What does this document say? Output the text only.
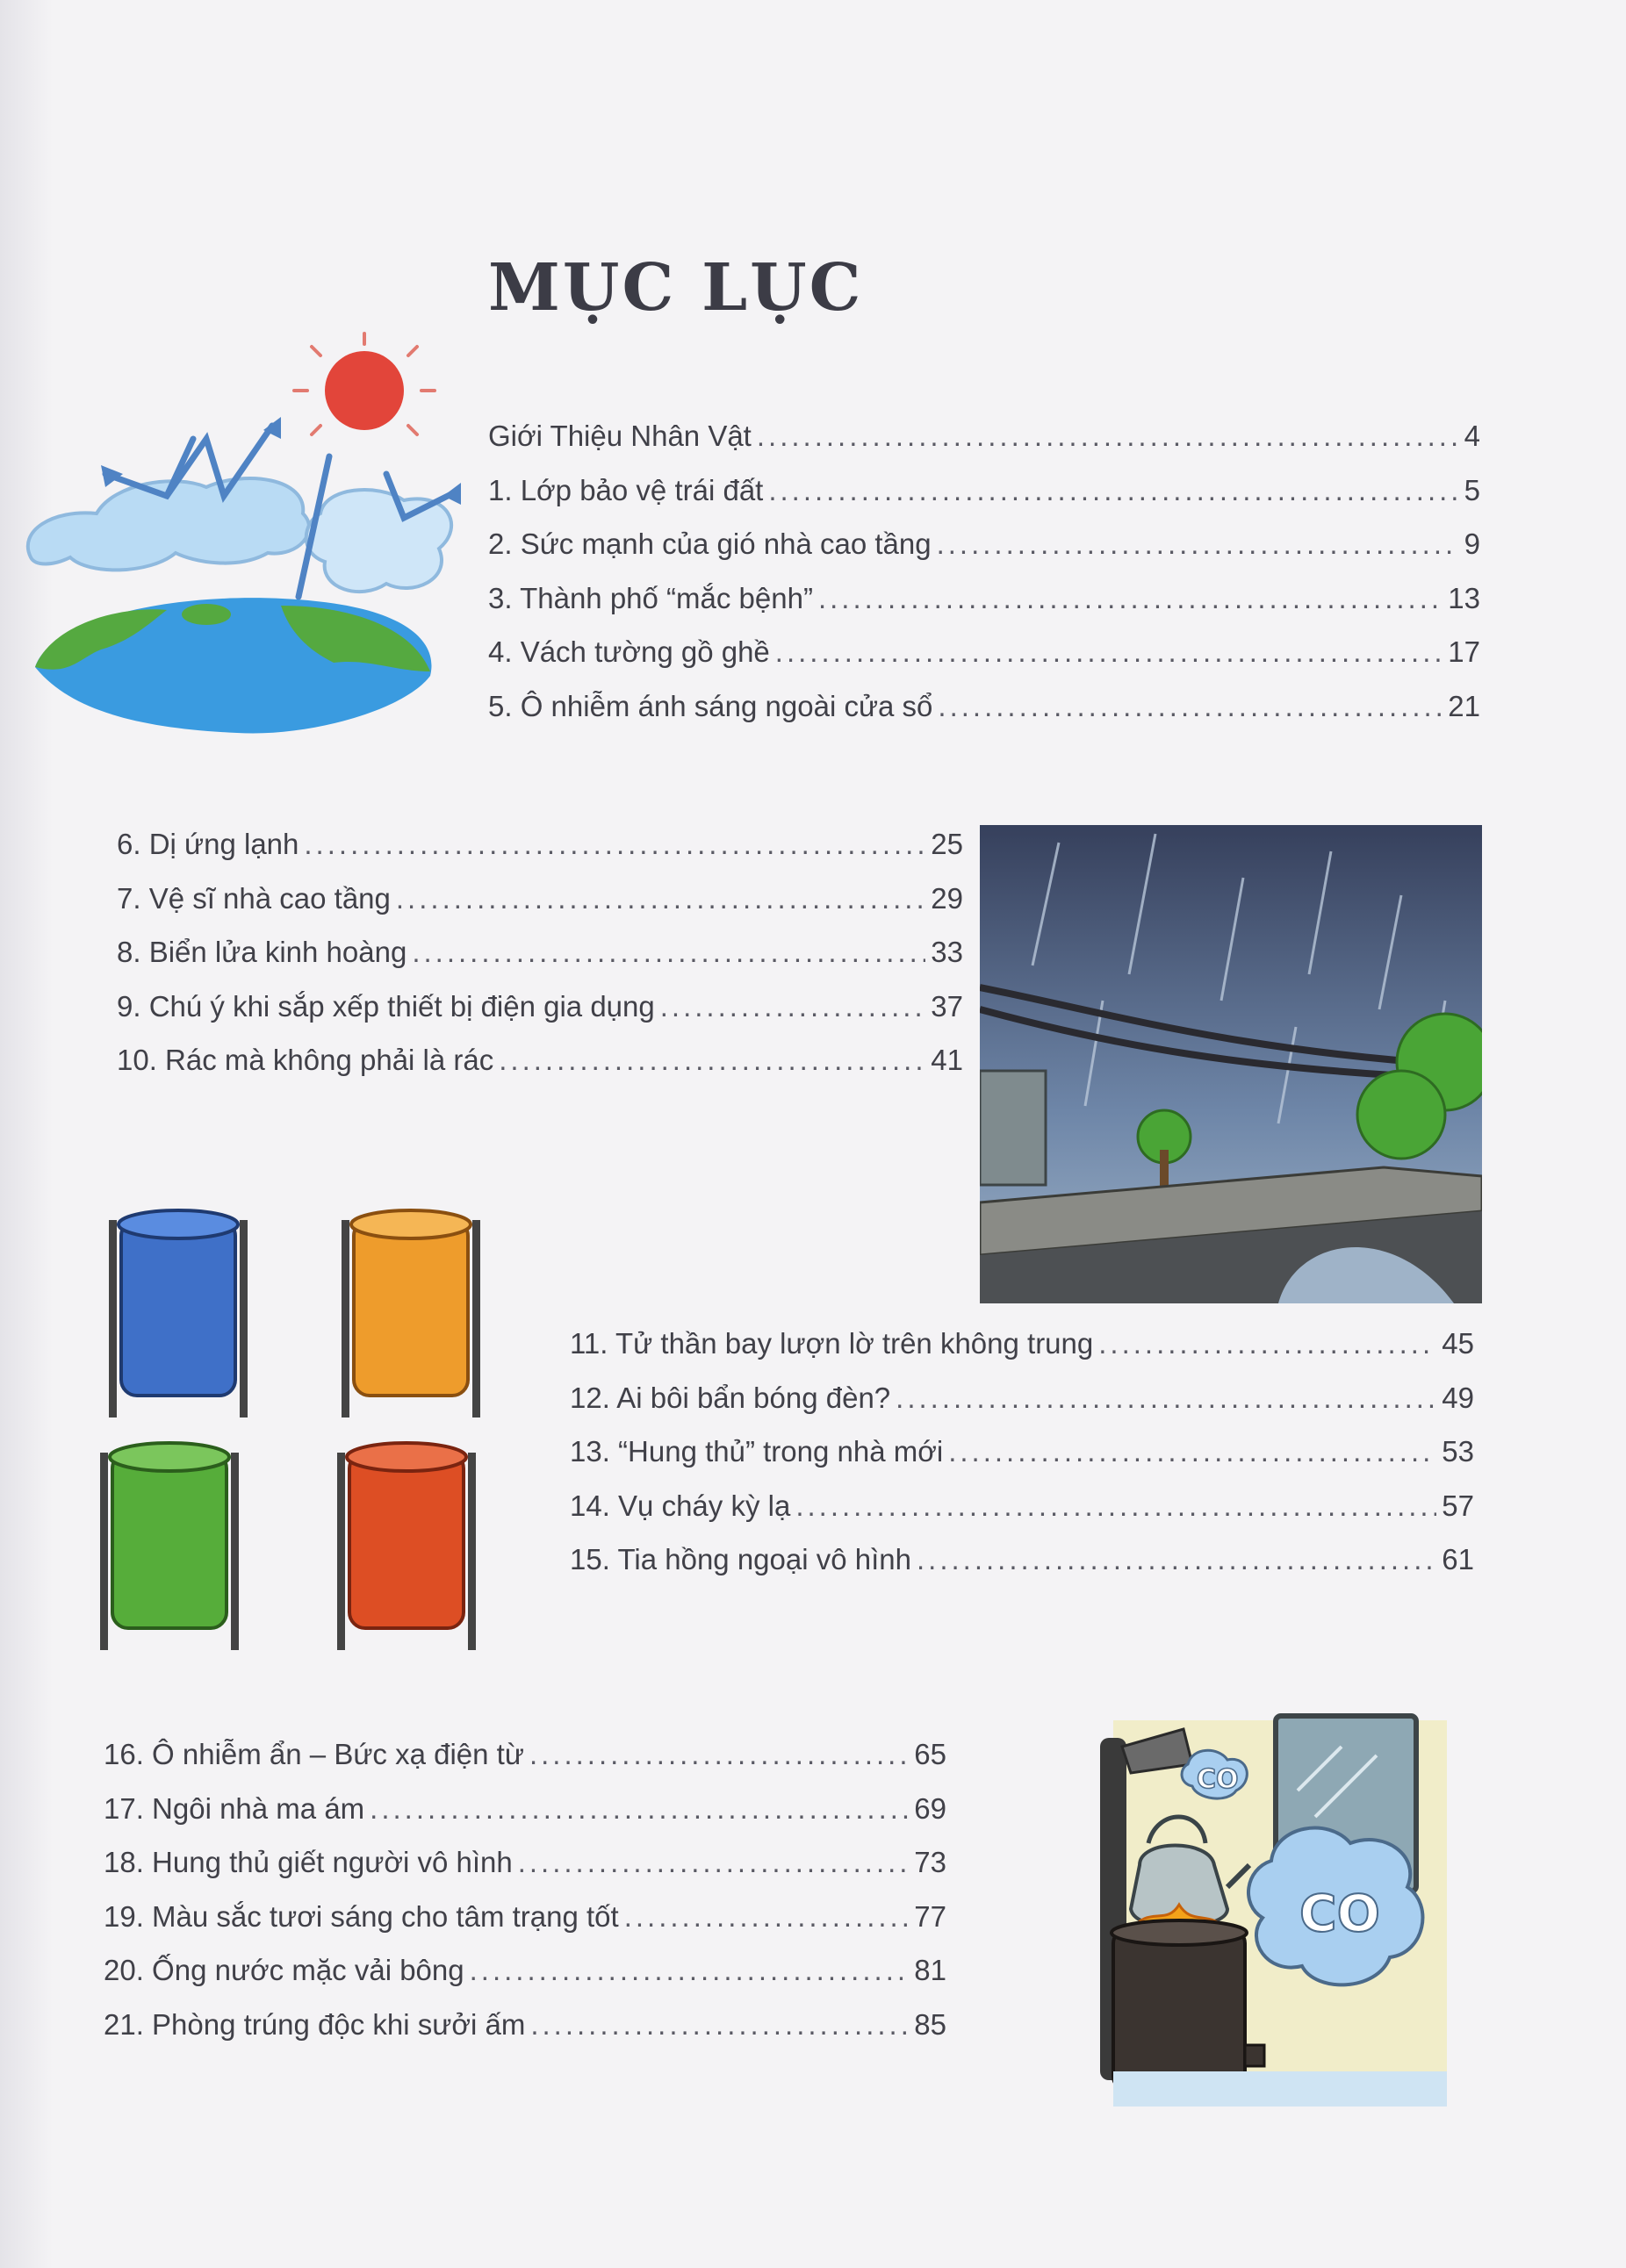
MỤC LỤC
Giới Thiệu Nhân Vật .....	4
1. Lớp bảo vệ trái đất .....	5
2. Sức mạnh của gió nhà cao tầng .....	9
3. Thành phố “mắc bệnh” .....	13
4. Vách tường gồ ghề .....	17
5. Ô nhiễm ánh sáng ngoài cửa sổ .....	21
6. Dị ứng lạnh .....	25
7. Vệ sĩ nhà cao tầng .....	29
8. Biển lửa kinh hoàng .....	33
9. Chú ý khi sắp xếp thiết bị điện gia dụng .....	37
10. Rác mà không phải là rác .....	41
11. Tử thần bay lượn lờ trên không trung .....	45
12. Ai bôi bẩn bóng đèn? .....	49
13. “Hung thủ” trong nhà mới .....	53
14. Vụ cháy kỳ lạ .....	57
15. Tia hồng ngoại vô hình .....	61
16. Ô nhiễm ẩn – Bức xạ điện từ .....	65
17. Ngôi nhà ma ám .....	69
18. Hung thủ giết người vô hình .....	73
19. Màu sắc tươi sáng cho tâm trạng tốt .....	77
20. Ống nước mặc vải bông .....	81
21. Phòng trúng độc khi sưởi ấm .....	85
CO
CO
